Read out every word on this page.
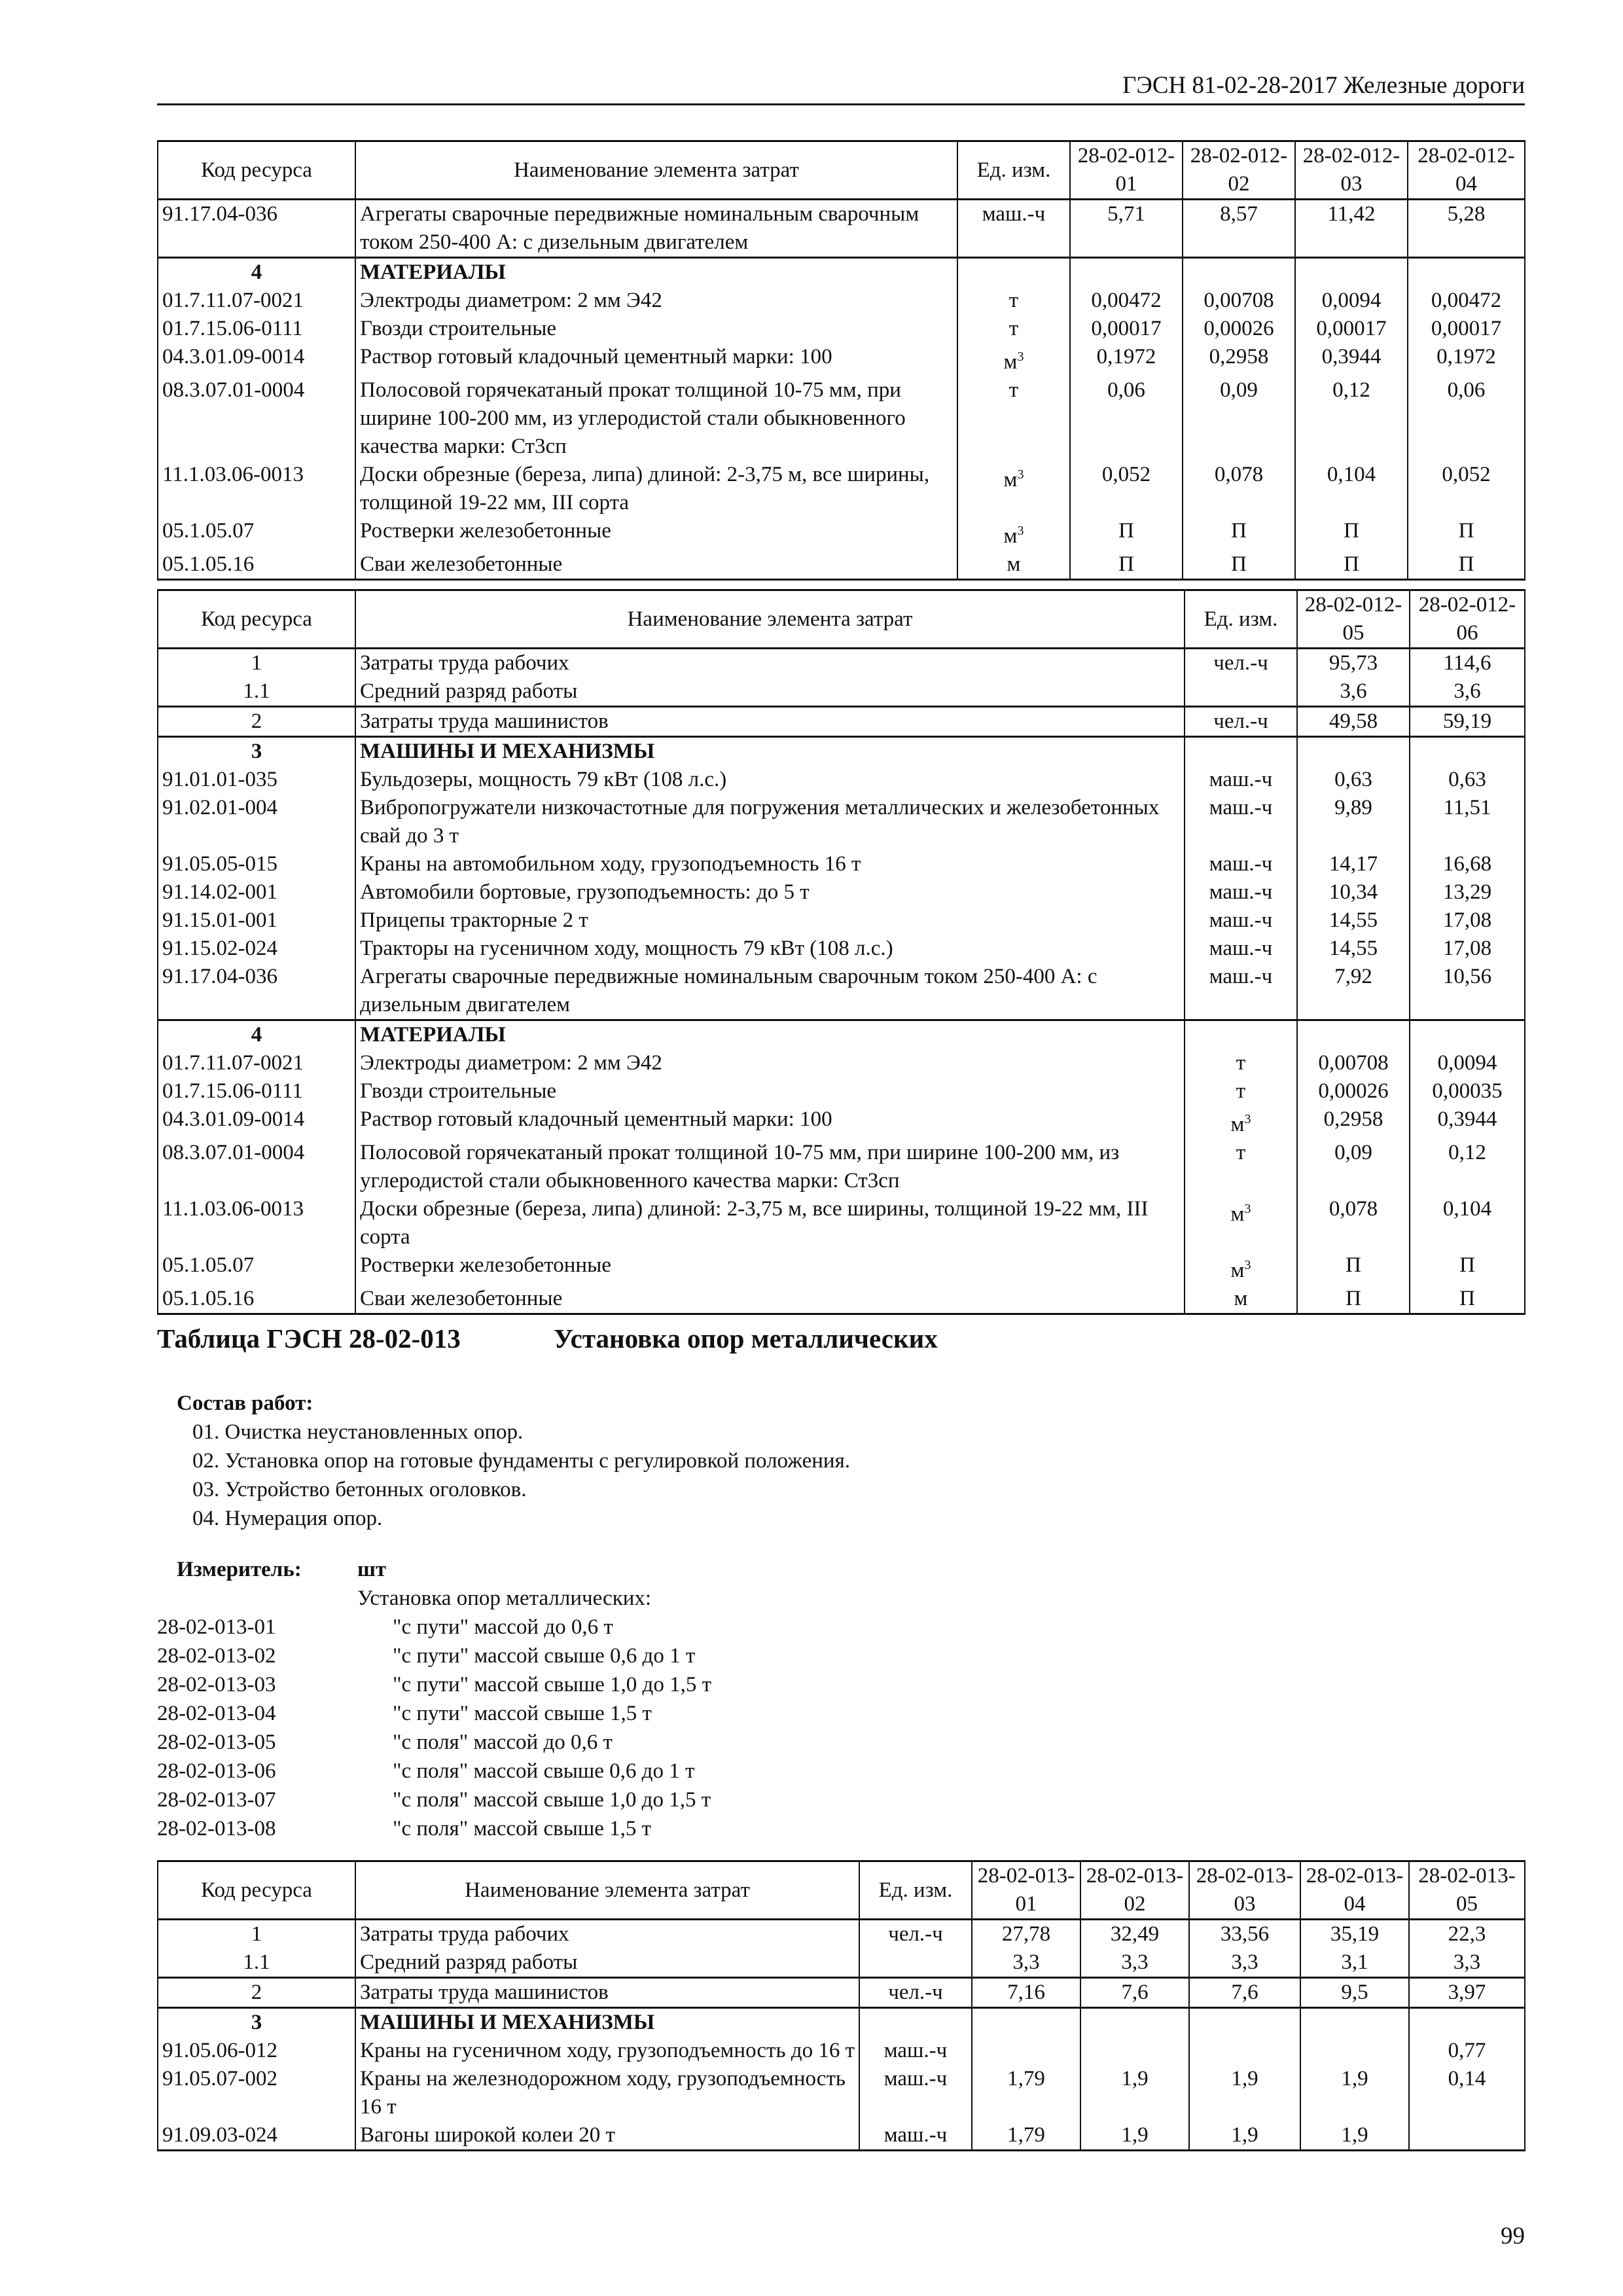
ГЭСН 81-02-28-2017 Железные дороги
Код ресурса	Наименование элемента затрат	Ед. изм.	28-02-012-01	28-02-012-02	28-02-012-03	28-02-012-04
91.17.04-036	Агрегаты сварочные передвижные номинальным сварочным током 250-400 А: с дизельным двигателем	маш.-ч	5,71	8,57	11,42	5,28
4	МАТЕРИАЛЫ					
01.7.11.07-0021	Электроды диаметром: 2 мм Э42	т	0,00472	0,00708	0,0094	0,00472
01.7.15.06-0111	Гвозди строительные	т	0,00017	0,00026	0,00017	0,00017
04.3.01.09-0014	Раствор готовый кладочный цементный марки: 100	$м^3$	0,1972	0,2958	0,3944	0,1972
08.3.07.01-0004	Полосовой горячекатаный прокат толщиной 10-75 мм, при ширине 100-200 мм, из углеродистой стали обыкновенного качества марки: Ст3сп	т	0,06	0,09	0,12	0,06
11.1.03.06-0013	Доски обрезные (береза, липа) длиной: 2-3,75 м, все ширины, толщиной 19-22 мм, III сорта	$м^3$	0,052	0,078	0,104	0,052
05.1.05.07	Ростверки железобетонные	$м^3$	П	П	П	П
05.1.05.16	Сваи железобетонные	м	П	П	П	П
Код ресурса	Наименование элемента затрат	Ед. изм.	28-02-012-05	28-02-012-06
1	Затраты труда рабочих	чел.-ч	95,73	114,6
1.1	Средний разряд работы		3,6	3,6
2	Затраты труда машинистов	чел.-ч	49,58	59,19
3	МАШИНЫ И МЕХАНИЗМЫ			
91.01.01-035	Бульдозеры, мощность 79 кВт (108 л.с.)	маш.-ч	0,63	0,63
91.02.01-004	Вибропогружатели низкочастотные для погружения металлических и железобетонных свай до 3 т	маш.-ч	9,89	11,51
91.05.05-015	Краны на автомобильном ходу, грузоподъемность 16 т	маш.-ч	14,17	16,68
91.14.02-001	Автомобили бортовые, грузоподъемность: до 5 т	маш.-ч	10,34	13,29
91.15.01-001	Прицепы тракторные 2 т	маш.-ч	14,55	17,08
91.15.02-024	Тракторы на гусеничном ходу, мощность 79 кВт (108 л.с.)	маш.-ч	14,55	17,08
91.17.04-036	Агрегаты сварочные передвижные номинальным сварочным током 250-400 А: с дизельным двигателем	маш.-ч	7,92	10,56
4	МАТЕРИАЛЫ			
01.7.11.07-0021	Электроды диаметром: 2 мм Э42	т	0,00708	0,0094
01.7.15.06-0111	Гвозди строительные	т	0,00026	0,00035
04.3.01.09-0014	Раствор готовый кладочный цементный марки: 100	$м^3$	0,2958	0,3944
08.3.07.01-0004	Полосовой горячекатаный прокат толщиной 10-75 мм, при ширине 100-200 мм, из углеродистой стали обыкновенного качества марки: Ст3сп	т	0,09	0,12
11.1.03.06-0013	Доски обрезные (береза, липа) длиной: 2-3,75 м, все ширины, толщиной 19-22 мм, III сорта	$м^3$	0,078	0,104
05.1.05.07	Ростверки железобетонные	$м^3$	П	П
05.1.05.16	Сваи железобетонные	м	П	П
Таблица ГЭСН 28-02-013	Установка опор металлических
Состав работ:
01. Очистка неустановленных опор.
02. Установка опор на готовые фундаменты с регулировкой положения.
03. Устройство бетонных оголовков.
04. Нумерация опор.
Измеритель:	шт
Установка опор металлических:
28-02-013-01	"с пути" массой до 0,6 т
28-02-013-02	"с пути" массой свыше 0,6 до 1 т
28-02-013-03	"с пути" массой свыше 1,0 до 1,5 т
28-02-013-04	"с пути" массой свыше 1,5 т
28-02-013-05	"с поля" массой до 0,6 т
28-02-013-06	"с поля" массой свыше 0,6 до 1 т
28-02-013-07	"с поля" массой свыше 1,0 до 1,5 т
28-02-013-08	"с поля" массой свыше 1,5 т
Код ресурса	Наименование элемента затрат	Ед. изм.	28-02-013-01	28-02-013-02	28-02-013-03	28-02-013-04	28-02-013-05
1	Затраты труда рабочих	чел.-ч	27,78	32,49	33,56	35,19	22,3
1.1	Средний разряд работы		3,3	3,3	3,3	3,1	3,3
2	Затраты труда машинистов	чел.-ч	7,16	7,6	7,6	9,5	3,97
3	МАШИНЫ И МЕХАНИЗМЫ						
91.05.06-012	Краны на гусеничном ходу, грузоподъемность до 16 т	маш.-ч					0,77
91.05.07-002	Краны на железнодорожном ходу, грузоподъемность 16 т	маш.-ч	1,79	1,9	1,9	1,9	0,14
91.09.03-024	Вагоны широкой колеи 20 т	маш.-ч	1,79	1,9	1,9	1,9	
99
